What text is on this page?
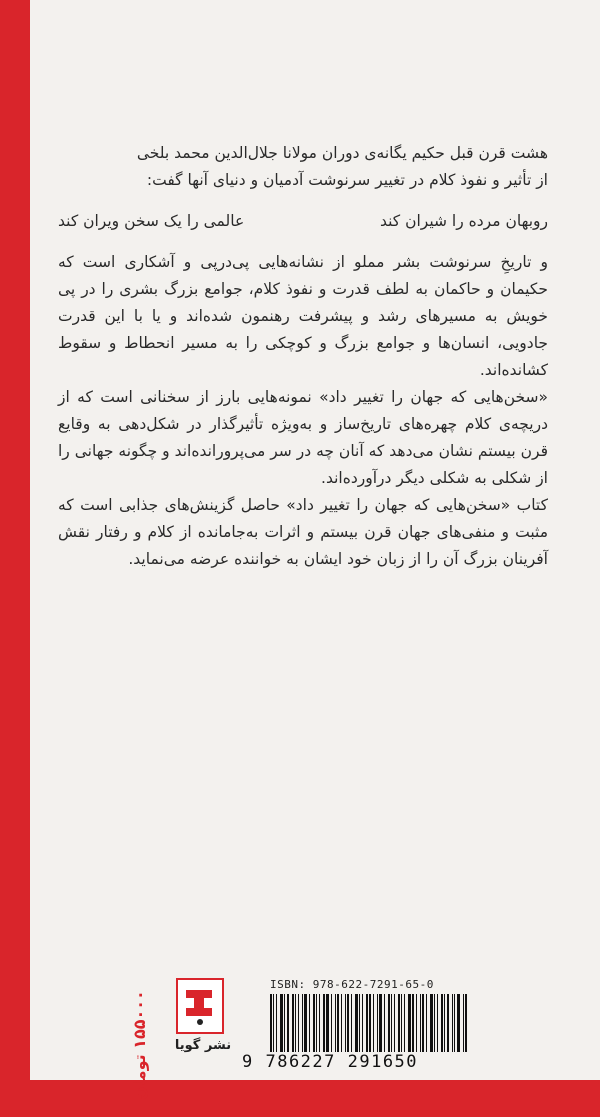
هشت قرن قبل حکیم یگانه‌ی دوران مولانا جلال‌الدین محمد بلخی

از تأثیر و نفوذ کلام در تغییر سرنوشت آدمیان و دنیای آنها گفت:

روبهان مرده را شیران کند
عالمی را یک سخن ویران کند

و تاریخِ سرنوشت بشر مملو از نشانه‌هایی پی‌درپی و آشکاری است که حکیمان و حاکمان به لطف قدرت و نفوذ کلام، جوامع بزرگ بشری را در پی خویش به مسیرهای رشد و پیشرفت رهنمون شده‌اند و یا با این قدرت جادویی، انسان‌ها و جوامع بزرگ و کوچکی را به مسیر انحطاط و سقوط کشانده‌اند.

«سخن‌هایی که جهان را تغییر داد» نمونه‌هایی بارز از سخنانی است که از دریچه‌ی کلام چهره‌های تاریخ‌ساز و به‌ویژه تأثیرگذار در شکل‌دهی به وقایع قرن بیستم نشان می‌دهد که آنان چه در سر می‌پرورانده‌اند و چگونه جهانی را از شکلی به شکلی دیگر درآورده‌اند.

کتاب «سخن‌هایی که جهان را تغییر داد» حاصل گزینش‌های جذابی است که مثبت و منفی‌های جهان قرن بیستم و اثرات به‌جامانده از کلام و رفتار نقش آفرینان بزرگ آن را از زبان خود ایشان به خواننده عرضه می‌نماید.

۱۵۵۰۰۰ تومان
ISBN: 978-622-7291-65-0
9 786227 291650
نشر گویا
